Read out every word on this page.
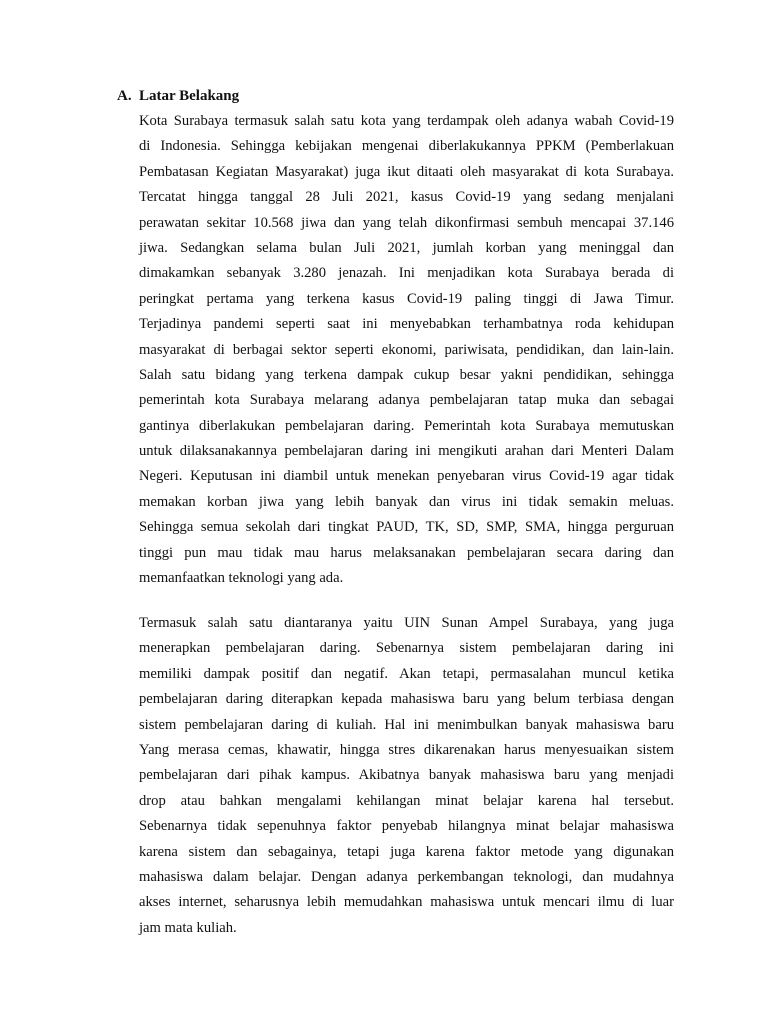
A. Latar Belakang
Kota Surabaya termasuk salah satu kota yang terdampak oleh adanya wabah Covid-19
di Indonesia. Sehingga kebijakan mengenai diberlakukannya PPKM (Pemberlakuan
Pembatasan Kegiatan Masyarakat) juga ikut ditaati oleh masyarakat di kota Surabaya.
Tercatat hingga tanggal 28 Juli 2021, kasus Covid-19 yang sedang menjalani
perawatan sekitar 10.568 jiwa dan yang telah dikonfirmasi sembuh mencapai 37.146
jiwa. Sedangkan selama bulan Juli 2021, jumlah korban yang meninggal dan
dimakamkan sebanyak 3.280 jenazah. Ini menjadikan kota Surabaya berada di
peringkat pertama yang terkena kasus Covid-19 paling tinggi di Jawa Timur.
Terjadinya pandemi seperti saat ini menyebabkan terhambatnya roda kehidupan
masyarakat di berbagai sektor seperti ekonomi, pariwisata, pendidikan, dan lain-lain.
Salah satu bidang yang terkena dampak cukup besar yakni pendidikan, sehingga
pemerintah kota Surabaya melarang adanya pembelajaran tatap muka dan sebagai
gantinya diberlakukan pembelajaran daring. Pemerintah kota Surabaya memutuskan
untuk dilaksanakannya pembelajaran daring ini mengikuti arahan dari Menteri Dalam
Negeri. Keputusan ini diambil untuk menekan penyebaran virus Covid-19 agar tidak
memakan korban jiwa yang lebih banyak dan virus ini tidak semakin meluas.
Sehingga semua sekolah dari tingkat PAUD, TK, SD, SMP, SMA, hingga perguruan
tinggi pun mau tidak mau harus melaksanakan pembelajaran secara daring dan
memanfaatkan teknologi yang ada.
Termasuk salah satu diantaranya yaitu UIN Sunan Ampel Surabaya, yang juga
menerapkan pembelajaran daring. Sebenarnya sistem pembelajaran daring ini
memiliki dampak positif dan negatif. Akan tetapi, permasalahan muncul ketika
pembelajaran daring diterapkan kepada mahasiswa baru yang belum terbiasa dengan
sistem pembelajaran daring di kuliah. Hal ini menimbulkan banyak mahasiswa baru
Yang merasa cemas, khawatir, hingga stres dikarenakan harus menyesuaikan sistem
pembelajaran dari pihak kampus. Akibatnya banyak mahasiswa baru yang menjadi
drop atau bahkan mengalami kehilangan minat belajar karena hal tersebut.
Sebenarnya tidak sepenuhnya faktor penyebab hilangnya minat belajar mahasiswa
karena sistem dan sebagainya, tetapi juga karena faktor metode yang digunakan
mahasiswa dalam belajar. Dengan adanya perkembangan teknologi, dan mudahnya
akses internet, seharusnya lebih memudahkan mahasiswa untuk mencari ilmu di luar
jam mata kuliah.
